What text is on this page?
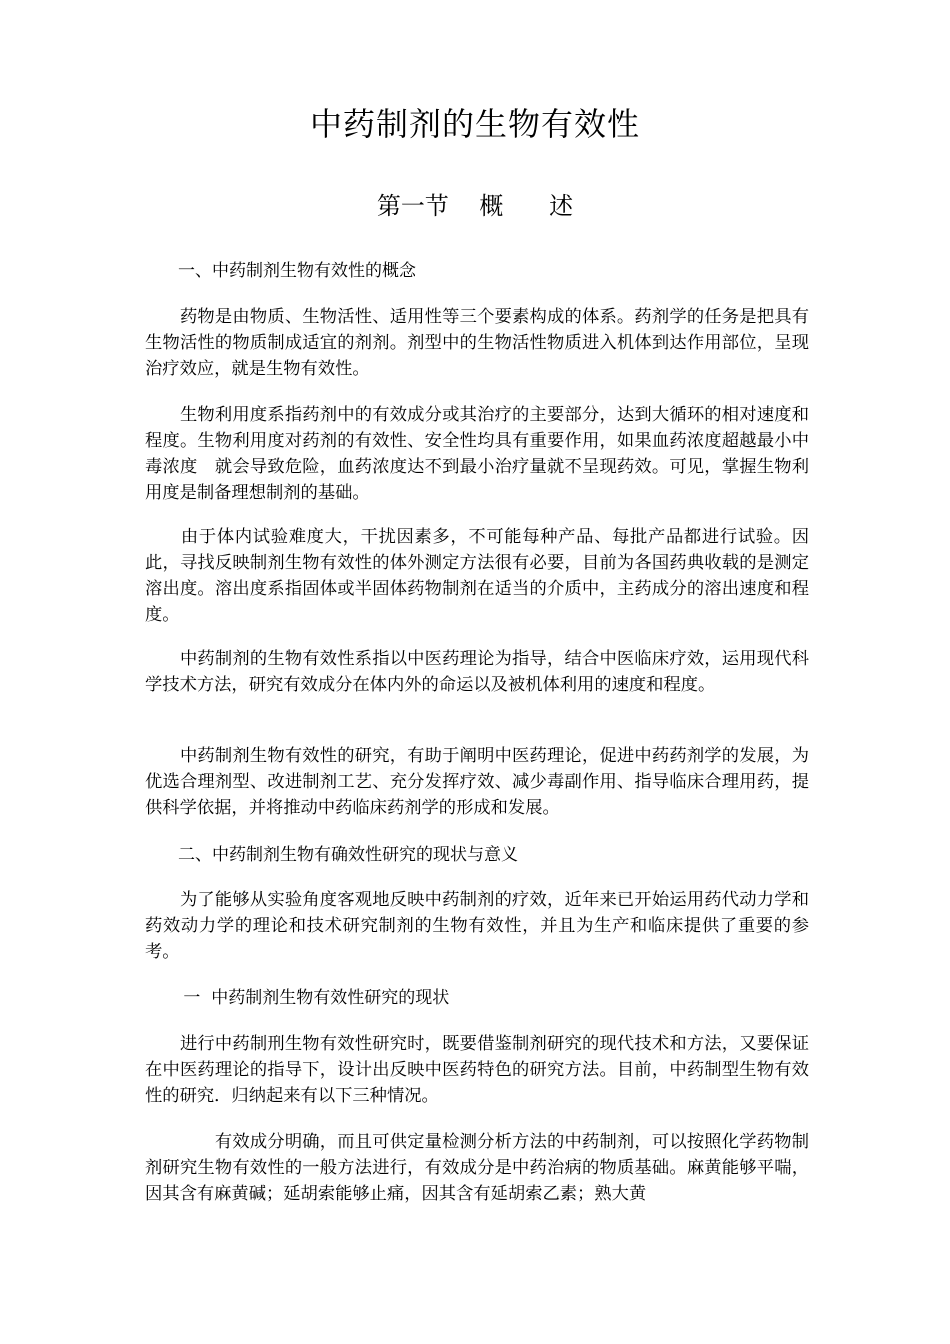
中药制剂的生物有效性
第一节    概      述
一、中药制剂生物有效性的概念
　　药物是由物质、生物活性、适用性等三个要素构成的体系。药剂学的任务是把具有生物活性的物质制成适宜的剂剂。剂型中的生物活性物质进入机体到达作用部位，呈现治疗效应，就是生物有效性。
　　生物利用度系指药剂中的有效成分或其治疗的主要部分，达到大循环的相对速度和程度。生物利用度对药剂的有效性、安全性均具有重要作用，如果血药浓度超越最小中毒浓度　就会导致危险，血药浓度达不到最小治疗量就不呈现药效。可见，掌握生物利用度是制备理想制剂的基础。
　　由于体内试验难度大，干扰因素多，不可能每种产品、每批产品都进行试验。因此，寻找反映制剂生物有效性的体外测定方法很有必要，目前为各国药典收载的是测定溶出度。溶出度系指固体或半固体药物制剂在适当的介质中，主药成分的溶出速度和程度。
　　中药制剂的生物有效性系指以中医药理论为指导，结合中医临床疗效，运用现代科学技术方法，研究有效成分在体内外的命运以及被机体利用的速度和程度。
　　中药制剂生物有效性的研究，有助于阐明中医药理论，促进中药药剂学的发展，为优选合理剂型、改进制剂工艺、充分发挥疗效、减少毒副作用、指导临床合理用药，提供科学依据，并将推动中药临床药剂学的形成和发展。
二、中药制剂生物有确效性研究的现状与意义
　　为了能够从实验角度客观地反映中药制剂的疗效，近年来已开始运用药代动力学和药效动力学的理论和技术研究制剂的生物有效性，并且为生产和临床提供了重要的参考。
一  中药制剂生物有效性研究的现状
　　进行中药制刑生物有效性研究时，既要借鉴制剂研究的现代技术和方法，又要保证在中医药理论的指导下，设计出反映中医药特色的研究方法。目前，中药制型生物有效性的研究．归纳起来有以下三种情况。
　　　　有效成分明确，而且可供定量检测分析方法的中药制剂，可以按照化学药物制剂研究生物有效性的一般方法进行，有效成分是中药治病的物质基础。麻黄能够平喘，因其含有麻黄碱；延胡索能够止痛，因其含有延胡索乙素；熟大黄
